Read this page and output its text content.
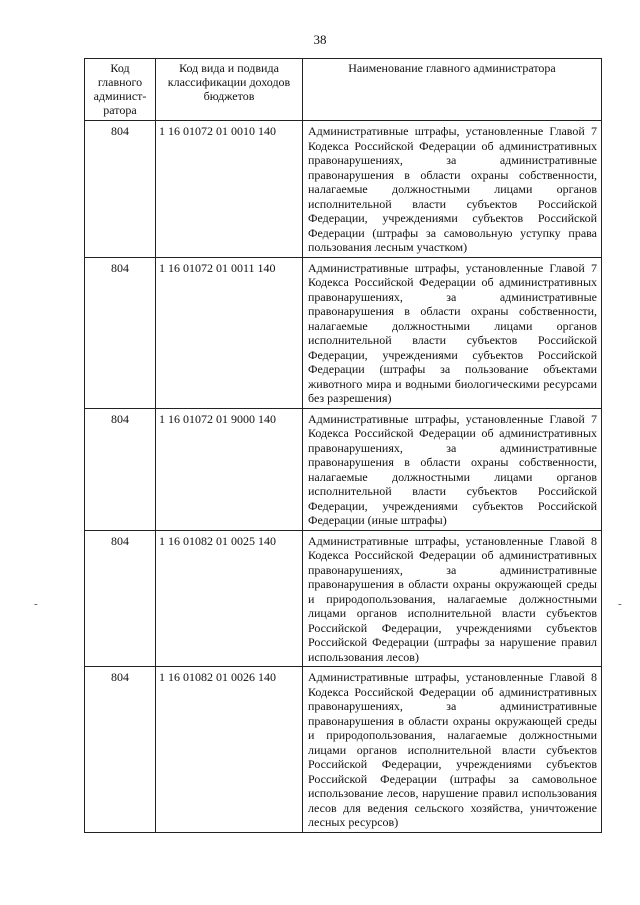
38
Код главного админист-ратора	Код вида и подвида классификации доходов бюджетов	Наименование главного администратора
804	1 16 01072 01 0010 140	Административные штрафы, установленные Главой 7 Кодекса Российской Федерации об административных правонарушениях, за административные правонарушения в области охраны собственности, налагаемые должностными лицами органов исполнительной власти субъектов Российской Федерации, учреждениями субъектов Российской Федерации (штрафы за самовольную уступку права пользования лесным участком)
804	1 16 01072 01 0011 140	Административные штрафы, установленные Главой 7 Кодекса Российской Федерации об административных правонарушениях, за административные правонарушения в области охраны собственности, налагаемые должностными лицами органов исполнительной власти субъектов Российской Федерации, учреждениями субъектов Российской Федерации (штрафы за пользование объектами животного мира и водными биологическими ресурсами без разрешения)
804	1 16 01072 01 9000 140	Административные штрафы, установленные Главой 7 Кодекса Российской Федерации об административных правонарушениях, за административные правонарушения в области охраны собственности, налагаемые должностными лицами органов исполнительной власти субъектов Российской Федерации, учреждениями субъектов Российской Федерации (иные штрафы)
804	1 16 01082 01 0025 140	Административные штрафы, установленные Главой 8 Кодекса Российской Федерации об административных правонарушениях, за административные правонарушения в области охраны окружающей среды и природопользования, налагаемые должностными лицами органов исполнительной власти субъектов Российской Федерации, учреждениями субъектов Российской Федерации (штрафы за нарушение правил использования лесов)
804	1 16 01082 01 0026 140	Административные штрафы, установленные Главой 8 Кодекса Российской Федерации об административных правонарушениях, за административные правонарушения в области охраны окружающей среды и природопользования, налагаемые должностными лицами органов исполнительной власти субъектов Российской Федерации, учреждениями субъектов Российской Федерации (штрафы за самовольное использование лесов, нарушение правил использования лесов для ведения сельского хозяйства, уничтожение лесных ресурсов)
-	-
